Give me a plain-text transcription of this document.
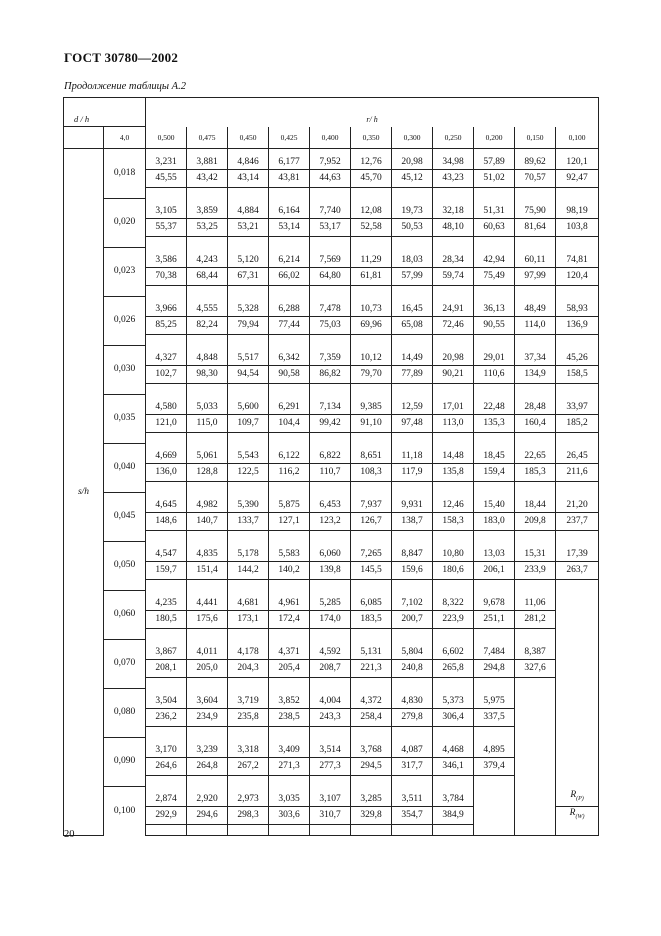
ГОСТ 30780—2002
Продолжение таблицы А.2
d / h		r/ h										
	4,0	0,500	0,475	0,450	0,425	0,400	0,350	0,300	0,250	0,200	0,150	0,100
s/h	0,018	3,231	3,881	4,846	6,177	7,952	12,76	20,98	34,98	57,89	89,62	120,1
		45,55	43,42	43,14	43,81	44,63	45,70	45,12	43,23	51,02	70,57	92,47

	0,020	3,105	3,859	4,884	6,164	7,740	12,08	19,73	32,18	51,31	75,90	98,19
		55,37	53,25	53,21	53,14	53,17	52,58	50,53	48,10	60,63	81,64	103,8

	0,023	3,586	4,243	5,120	6,214	7,569	11,29	18,03	28,34	42,94	60,11	74,81
		70,38	68,44	67,31	66,02	64,80	61,81	57,99	59,74	75,49	97,99	120,4

	0,026	3,966	4,555	5,328	6,288	7,478	10,73	16,45	24,91	36,13	48,49	58,93
		85,25	82,24	79,94	77,44	75,03	69,96	65,08	72,46	90,55	114,0	136,9

	0,030	4,327	4,848	5,517	6,342	7,359	10,12	14,49	20,98	29,01	37,34	45,26
		102,7	98,30	94,54	90,58	86,82	79,70	77,89	90,21	110,6	134,9	158,5

	0,035	4,580	5,033	5,600	6,291	7,134	9,385	12,59	17,01	22,48	28,48	33,97
		121,0	115,0	109,7	104,4	99,42	91,10	97,48	113,0	135,3	160,4	185,2

	0,040	4,669	5,061	5,543	6,122	6,822	8,651	11,18	14,48	18,45	22,65	26,45
		136,0	128,8	122,5	116,2	110,7	108,3	117,9	135,8	159,4	185,3	211,6

	0,045	4,645	4,982	5,390	5,875	6,453	7,937	9,931	12,46	15,40	18,44	21,20
		148,6	140,7	133,7	127,1	123,2	126,7	138,7	158,3	183,0	209,8	237,7

	0,050	4,547	4,835	5,178	5,583	6,060	7,265	8,847	10,80	13,03	15,31	17,39
		159,7	151,4	144,2	140,2	139,8	145,5	159,6	180,6	206,1	233,9	263,7

	0,060	4,235	4,441	4,681	4,961	5,285	6,085	7,102	8,322	9,678	11,06	
		180,5	175,6	173,1	172,4	174,0	183,5	200,7	223,9	251,1	281,2	

	0,070	3,867	4,011	4,178	4,371	4,592	5,131	5,804	6,602	7,484	8,387	
		208,1	205,0	204,3	205,4	208,7	221,3	240,8	265,8	294,8	327,6	

	0,080	3,504	3,604	3,719	3,852	4,004	4,372	4,830	5,373	5,975		
		236,2	234,9	235,8	238,5	243,3	258,4	279,8	306,4	337,5		

	0,090	3,170	3,239	3,318	3,409	3,514	3,768	4,087	4,468	4,895		
		264,6	264,8	267,2	271,3	277,3	294,5	317,7	346,1	379,4		

	0,100	2,874	2,920	2,973	3,035	3,107	3,285	3,511	3,784			$R_{(P)}$
		292,9	294,6	298,3	303,6	310,7	329,8	354,7	384,9			$R_{(W)}$

20
